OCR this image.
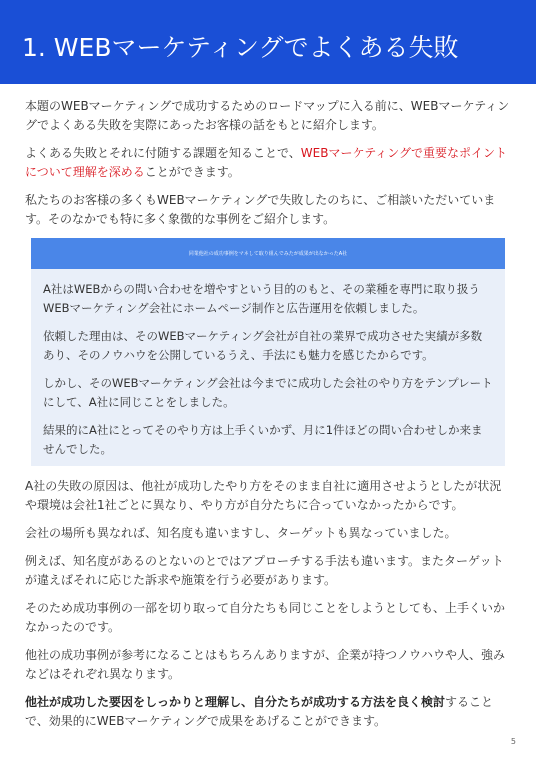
1. WEBマーケティングでよくある失敗

本題のWEBマーケティングで成功するためのロードマップに入る前に、WEBマーケティングでよくある失敗を実際にあったお客様の話をもとに紹介します。

よくある失敗とそれに付随する課題を知ることで、WEBマーケティングで重要なポイントについて理解を深めることができます。

私たちのお客様の多くもWEBマーケティングで失敗したのちに、ご相談いただいています。そのなかでも特に多く象徴的な事例をご紹介します。

同業他社の成功事例をマネして取り組んでみたが成果が出なかったA社

A社はWEBからの問い合わせを増やすという目的のもと、その業種を専門に取り扱うWEBマーケティング会社にホームページ制作と広告運用を依頼しました。

依頼した理由は、そのWEBマーケティング会社が自社の業界で成功させた実績が多数あり、そのノウハウを公開しているうえ、手法にも魅力を感じたからです。

しかし、そのWEBマーケティング会社は今までに成功した会社のやり方をテンプレートにして、A社に同じことをしました。

結果的にA社にとってそのやり方は上手くいかず、月に1件ほどの問い合わせしか来ませんでした。

A社の失敗の原因は、他社が成功したやり方をそのまま自社に適用させようとしたが状況や環境は会社1社ごとに異なり、やり方が自分たちに合っていなかったからです。

会社の場所も異なれば、知名度も違いますし、ターゲットも異なっていました。

例えば、知名度があるのとないのとではアプローチする手法も違います。またターゲットが違えばそれに応じた訴求や施策を行う必要があります。

そのため成功事例の一部を切り取って自分たちも同じことをしようとしても、上手くいかなかったのです。

他社の成功事例が参考になることはもちろんありますが、企業が持つノウハウや人、強みなどはそれぞれ異なります。

他社が成功した要因をしっかりと理解し、自分たちが成功する方法を良く検討することで、効果的にWEBマーケティングで成果をあげることができます。

5
